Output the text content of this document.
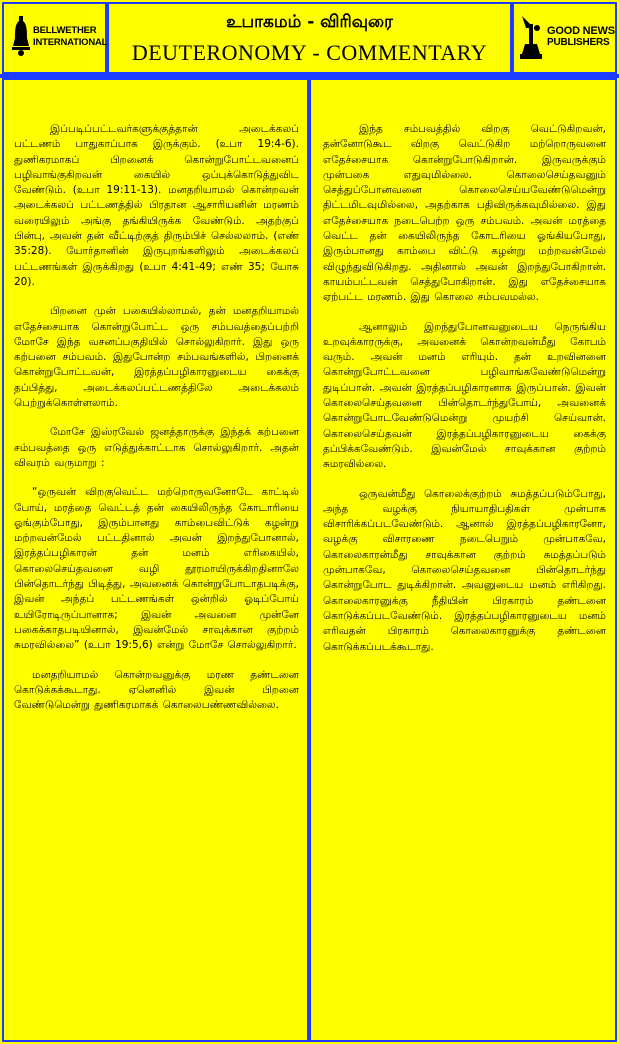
BELLWETHER
INTERNATIONAL
உபாகமம் - விரிவுரை
DEUTERONOMY - COMMENTARY
GOOD NEWS
PUBLISHERS

இப்படிப்பட்டவர்களுக்குத்தான் அடைக்கலப் பட்டணம் பாதுகாப்பாக இருக்கும். (உபா 19:4-6). துணிகரமாகப் பிறனைக் கொன்றுபோட்டவனைப் பழிவாங்குகிறவன் கையில் ஒப்புக்கொடுத்துவிட வேண்டும். (உபா 19:11-13). மனதறியாமல் கொன்றவன் அடைக்கலப் பட்டணத்தில் பிரதான ஆசாரியனின் மரணம் வரையிலும் அங்கு தங்கியிருக்க வேண்டும். அதற்குப் பின்பு, அவன் தன் வீட்டிற்குத் திரும்பிச் செல்லலாம். (எண் 35:28). யோர்தானின் இருபுறங்களிலும் அடைக்கலப் பட்டணங்கள் இருக்கிறது (உபா 4:41-49; எண் 35; யோசு 20).

பிறனை முன் பகையில்லாமல், தன் மனதறியாமல் எதேச்சையாக கொன்றுபோட்ட ஒரு சம்பவத்தைப்பற்றி மோசே இந்த வசனப்பகுதியில் சொல்லுகிறார். இது ஒரு கற்பனை சம்பவம். இதுபோன்ற சம்பவங்களில், பிறனைக் கொன்றுபோட்டவன், இரத்தப்பழிகாரனுடைய கைக்கு தப்பித்து, அடைக்கலப்பட்டணத்திலே அடைக்கலம் பெற்றுக்கொள்ளலாம்.

மோசே இஸ்ரவேல் ஜனத்தாருக்கு இந்தக் கற்பனை சம்பவத்தை ஒரு எடுத்துக்காட்டாக சொல்லுகிறார். அதன் விவரம் வருமாறு :

“ஒருவன் விறகுவெட்ட மற்றொருவனோடே காட்டில் போய், மரத்தை வெட்டத் தன் கையிலிருந்த கோடாரியை ஓங்கும்போது, இரும்பானது காம்பைவிட்டுக் கழன்று மற்றவன்மேல் பட்டதினால் அவன் இறந்துபோனால், இரத்தப்பழிகாரன் தன் மனம் எரிகையில், கொலைசெய்தவனை வழி தூரமாயிருக்கிறதினாலே பின்தொடர்ந்து பிடித்து, அவனைக் கொன்றுபோடாதபடிக்கு, இவன் அந்தப் பட்டணங்கள் ஒன்றில் ஓடிப்போய் உயிரோடிருப்பானாக; இவன் அவனை முன்னே பகைக்காதபடியினால், இவன்மேல் சாவுக்கான குற்றம் சுமரவில்லை” (உபா 19:5,6) என்று மோசே சொல்லுகிறார்.

மனதறியாமல் கொன்றவனுக்கு மரண தண்டனை கொடுக்கக்கூடாது. ஏனெனில் இவன் பிறனை வேண்டுமென்று துணிகரமாகக் கொலைபண்ணவில்லை.

இந்த சம்பவத்தில் விறகு வெட்டுகிறவன், தன்னோடுகூட விறகு வெட்டுகிற மற்றொருவனை எதேச்சையாக கொன்றுபோடுகிறான். இருவருக்கும் முன்பகை எதுவுமில்லை. கொலைசெய்தவனும் செத்துப்போனவனை கொலைசெய்யவேண்டுமென்று திட்டமிடவுமில்லை, அதற்காக பதிவிருக்கவுமில்லை. இது எதேச்சையாக நடைபெற்ற ஒரு சம்பவம். அவன் மரத்தை வெட்ட தன் கையிலிருந்த கோடரியை ஓங்கியபோது, இரும்பானது காம்பை விட்டு கழன்று மற்றவன்மேல் விழுந்துவிடுகிறது. அதினால் அவன் இறந்துபோகிறான். காயம்பட்டவன் செத்துபோகிறான். இது எதேச்சையாக ஏற்பட்ட மரணம். இது கொலை சம்பவமல்ல.

ஆனாலும் இறந்துபோனவனுடைய நெருங்கிய உறவுக்காரருக்கு, அவனைக் கொன்றவன்மீது கோபம் வரும். அவன் மனம் எரியும். தன் உறவினனை கொன்றுபோட்டவனை பழிவாங்கவேண்டுமென்று துடிப்பான். அவன் இரத்தப்பழிகாரனாக இருப்பான். இவன் கொலைசெய்தவனை பின்தொடர்ந்துபோய், அவனைக் கொன்றுபோடவேண்டுமென்று முயற்சி செய்வான். கொலைசெய்தவன் இரத்தப்பழிகாரனுடைய கைக்கு தப்பிக்கவேண்டும். இவன்மேல் சாவுக்கான குற்றம் சுமரவில்லை.

ஒருவன்மீது கொலைக்குற்றம் சுமத்தப்படும்போது, அந்த வழக்கு நியாயாதிபதிகள் முன்பாக விசாரிக்கப்படவேண்டும். ஆனால் இரத்தப்பழிகாரனோ, வழக்கு விசாரணை நடைபெறும் முன்பாகவே, கொலைகாரன்மீது சாவுக்கான குற்றம் சுமத்தப்படும் முன்பாகவே, கொலைசெய்தவனை பின்தொடர்ந்து கொன்றுபோட துடிக்கிறான். அவனுடைய மனம் எரிகிறது. கொலைகாரனுக்கு நீதியின் பிரகாரம் தண்டனை கொடுக்கப்படவேண்டும். இரத்தப்பழிகாரனுடைய மனம் எரிவதன் பிரகாரம் கொலைகாரனுக்கு தண்டனை கொடுக்கப்படக்கூடாது.
